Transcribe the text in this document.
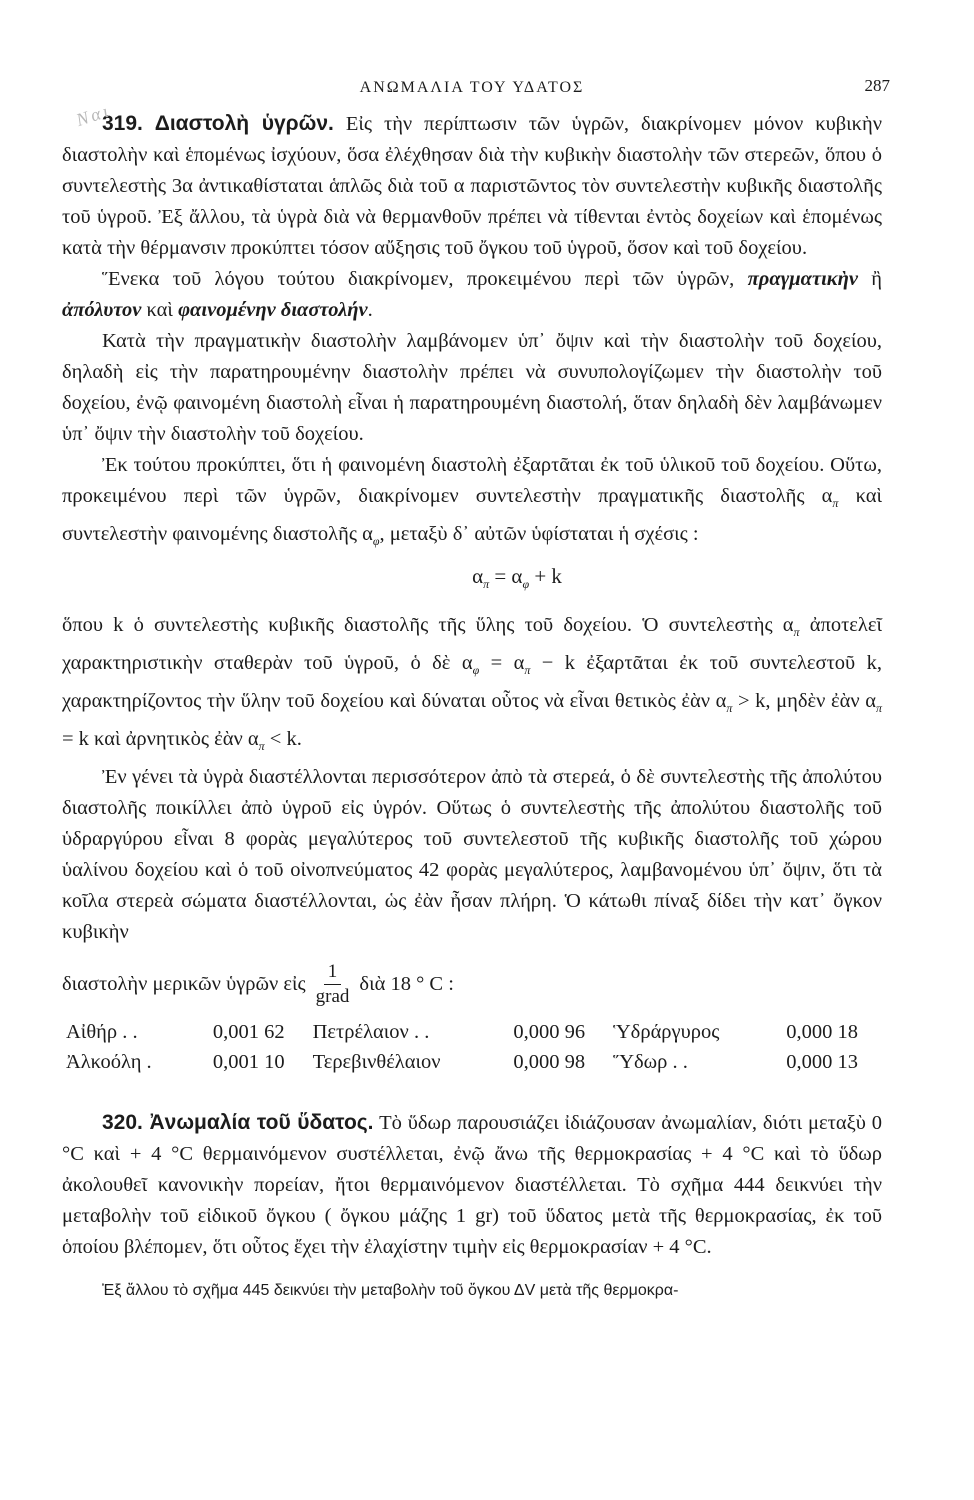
ΑΝΩΜΑΛΙΑ ΤΟΥ ΥΔΑΤΟΣ	287
Ναι

319. Διαστολὴ ὑγρῶν. Εἰς τὴν περίπτωσιν τῶν ὑγρῶν, διακρίνομεν μόνον κυβικὴν διαστολὴν καὶ ἑπομένως ἰσχύουν, ὅσα ἐλέχθησαν διὰ τὴν κυβικὴν διαστολὴν τῶν στερεῶν, ὅπου ὁ συντελεστὴς 3α ἀντικαθίσταται ἁπλῶς διὰ τοῦ α παριστῶντος τὸν συντελεστὴν κυβικῆς διαστολῆς τοῦ ὑγροῦ. Ἐξ ἄλλου, τὰ ὑγρὰ διὰ νὰ θερμανθοῦν πρέπει νὰ τίθενται ἐντὸς δοχείων καὶ ἑπομένως κατὰ τὴν θέρμανσιν προκύπτει τόσον αὔξησις τοῦ ὄγκου τοῦ ὑγροῦ, ὅσον καὶ τοῦ δοχείου.

Ἕνεκα τοῦ λόγου τούτου διακρίνομεν, προκειμένου περὶ τῶν ὑγρῶν, πραγματικὴν ἢ ἀπόλυτον καὶ φαινομένην διαστολήν.

Κατὰ τὴν πραγματικὴν διαστολὴν λαμβάνομεν ὑπ᾽ ὄψιν καὶ τὴν διαστολὴν τοῦ δοχείου, δηλαδὴ εἰς τὴν παρατηρουμένην διαστολὴν πρέπει νὰ συνυπολογίζωμεν τὴν διαστολὴν τοῦ δοχείου, ἐνῷ φαινομένη διαστολὴ εἶναι ἡ παρατηρουμένη διαστολή, ὅταν δηλαδὴ δὲν λαμβάνωμεν ὑπ᾽ ὄψιν τὴν διαστολὴν τοῦ δοχείου.

Ἐκ τούτου προκύπτει, ὅτι ἡ φαινομένη διαστολὴ ἐξαρτᾶται ἐκ τοῦ ὑλικοῦ τοῦ δοχείου. Οὕτω, προκειμένου περὶ τῶν ὑγρῶν, διακρίνομεν συντελεστὴν πραγματικῆς διαστολῆς $\alpha_\pi$ καὶ συντελεστὴν φαινομένης διαστολῆς $\alpha_\varphi$, μεταξὺ δ᾽ αὐτῶν ὑφίσταται ἡ σχέσις :

$\alpha_\pi = \alpha_\varphi + k$

ὅπου k ὁ συντελεστὴς κυβικῆς διαστολῆς τῆς ὕλης τοῦ δοχείου. Ὁ συντελεστὴς $\alpha_\pi$ ἀποτελεῖ χαρακτηριστικὴν σταθερὰν τοῦ ὑγροῦ, ὁ δὲ $\alpha_\varphi = \alpha_\pi - k$ ἐξαρτᾶται ἐκ τοῦ συντελεστοῦ k, χαρακτηρίζοντος τὴν ὕλην τοῦ δοχείου καὶ δύναται οὗτος νὰ εἶναι θετικὸς ἐὰν $\alpha_\pi > k$, μηδὲν ἐὰν $\alpha_\pi = k$ καὶ ἀρνητικὸς ἐὰν $\alpha_\pi < k$.

Ἐν γένει τὰ ὑγρὰ διαστέλλονται περισσότερον ἀπὸ τὰ στερεά, ὁ δὲ συντελεστὴς τῆς ἀπολύτου διαστολῆς ποικίλλει ἀπὸ ὑγροῦ εἰς ὑγρόν. Οὕτως ὁ συντελεστὴς τῆς ἀπολύτου διαστολῆς τοῦ ὑδραργύρου εἶναι 8 φορὰς μεγαλύτερος τοῦ συντελεστοῦ τῆς κυβικῆς διαστολῆς τοῦ χώρου ὑαλίνου δοχείου καὶ ὁ τοῦ οἰνοπνεύματος 42 φορὰς μεγαλύτερος, λαμβανομένου ὑπ᾽ ὄψιν, ὅτι τὰ κοῖλα στερεὰ σώματα διαστέλλονται, ὡς ἐὰν ἦσαν πλήρη. Ὁ κάτωθι πίναξ δίδει τὴν κατ᾽ ὄγκον κυβικὴν

διαστολὴν μερικῶν ὑγρῶν εἰς $\frac{1}{\text{grad}}$ διὰ 18 ° C :
Αἰθήρ . .	0,001 62	Πετρέλαιον . .	0,000 96	Ὑδράργυρος	0,000 18
Ἀλκοόλη .	0,001 10	Τερεβινθέλαιον	0,000 98	Ὕδωρ . .	0,000 13

320. Ἀνωμαλία τοῦ ὕδατος. Τὸ ὕδωρ παρουσιάζει ἰδιάζουσαν ἀνωμαλίαν, διότι μεταξὺ 0 °C καὶ + 4 °C θερμαινόμενον συστέλλεται, ἐνῷ ἄνω τῆς θερμοκρασίας + 4 °C καὶ τὸ ὕδωρ ἀκολουθεῖ κανονικὴν πορείαν, ἤτοι θερμαινόμενον διαστέλλεται. Τὸ σχῆμα 444 δεικνύει τὴν μεταβολὴν τοῦ εἰδικοῦ ὄγκου ( ὄγκου μάζης 1 gr) τοῦ ὕδατος μετὰ τῆς θερμοκρασίας, ἐκ τοῦ ὁποίου βλέπομεν, ὅτι οὗτος ἔχει τὴν ἐλαχίστην τιμὴν εἰς θερμοκρασίαν + 4 °C.

Ἐξ ἄλλου τὸ σχῆμα 445 δεικνύει τὴν μεταβολὴν τοῦ ὄγκου ΔV μετὰ τῆς θερμοκρα-
